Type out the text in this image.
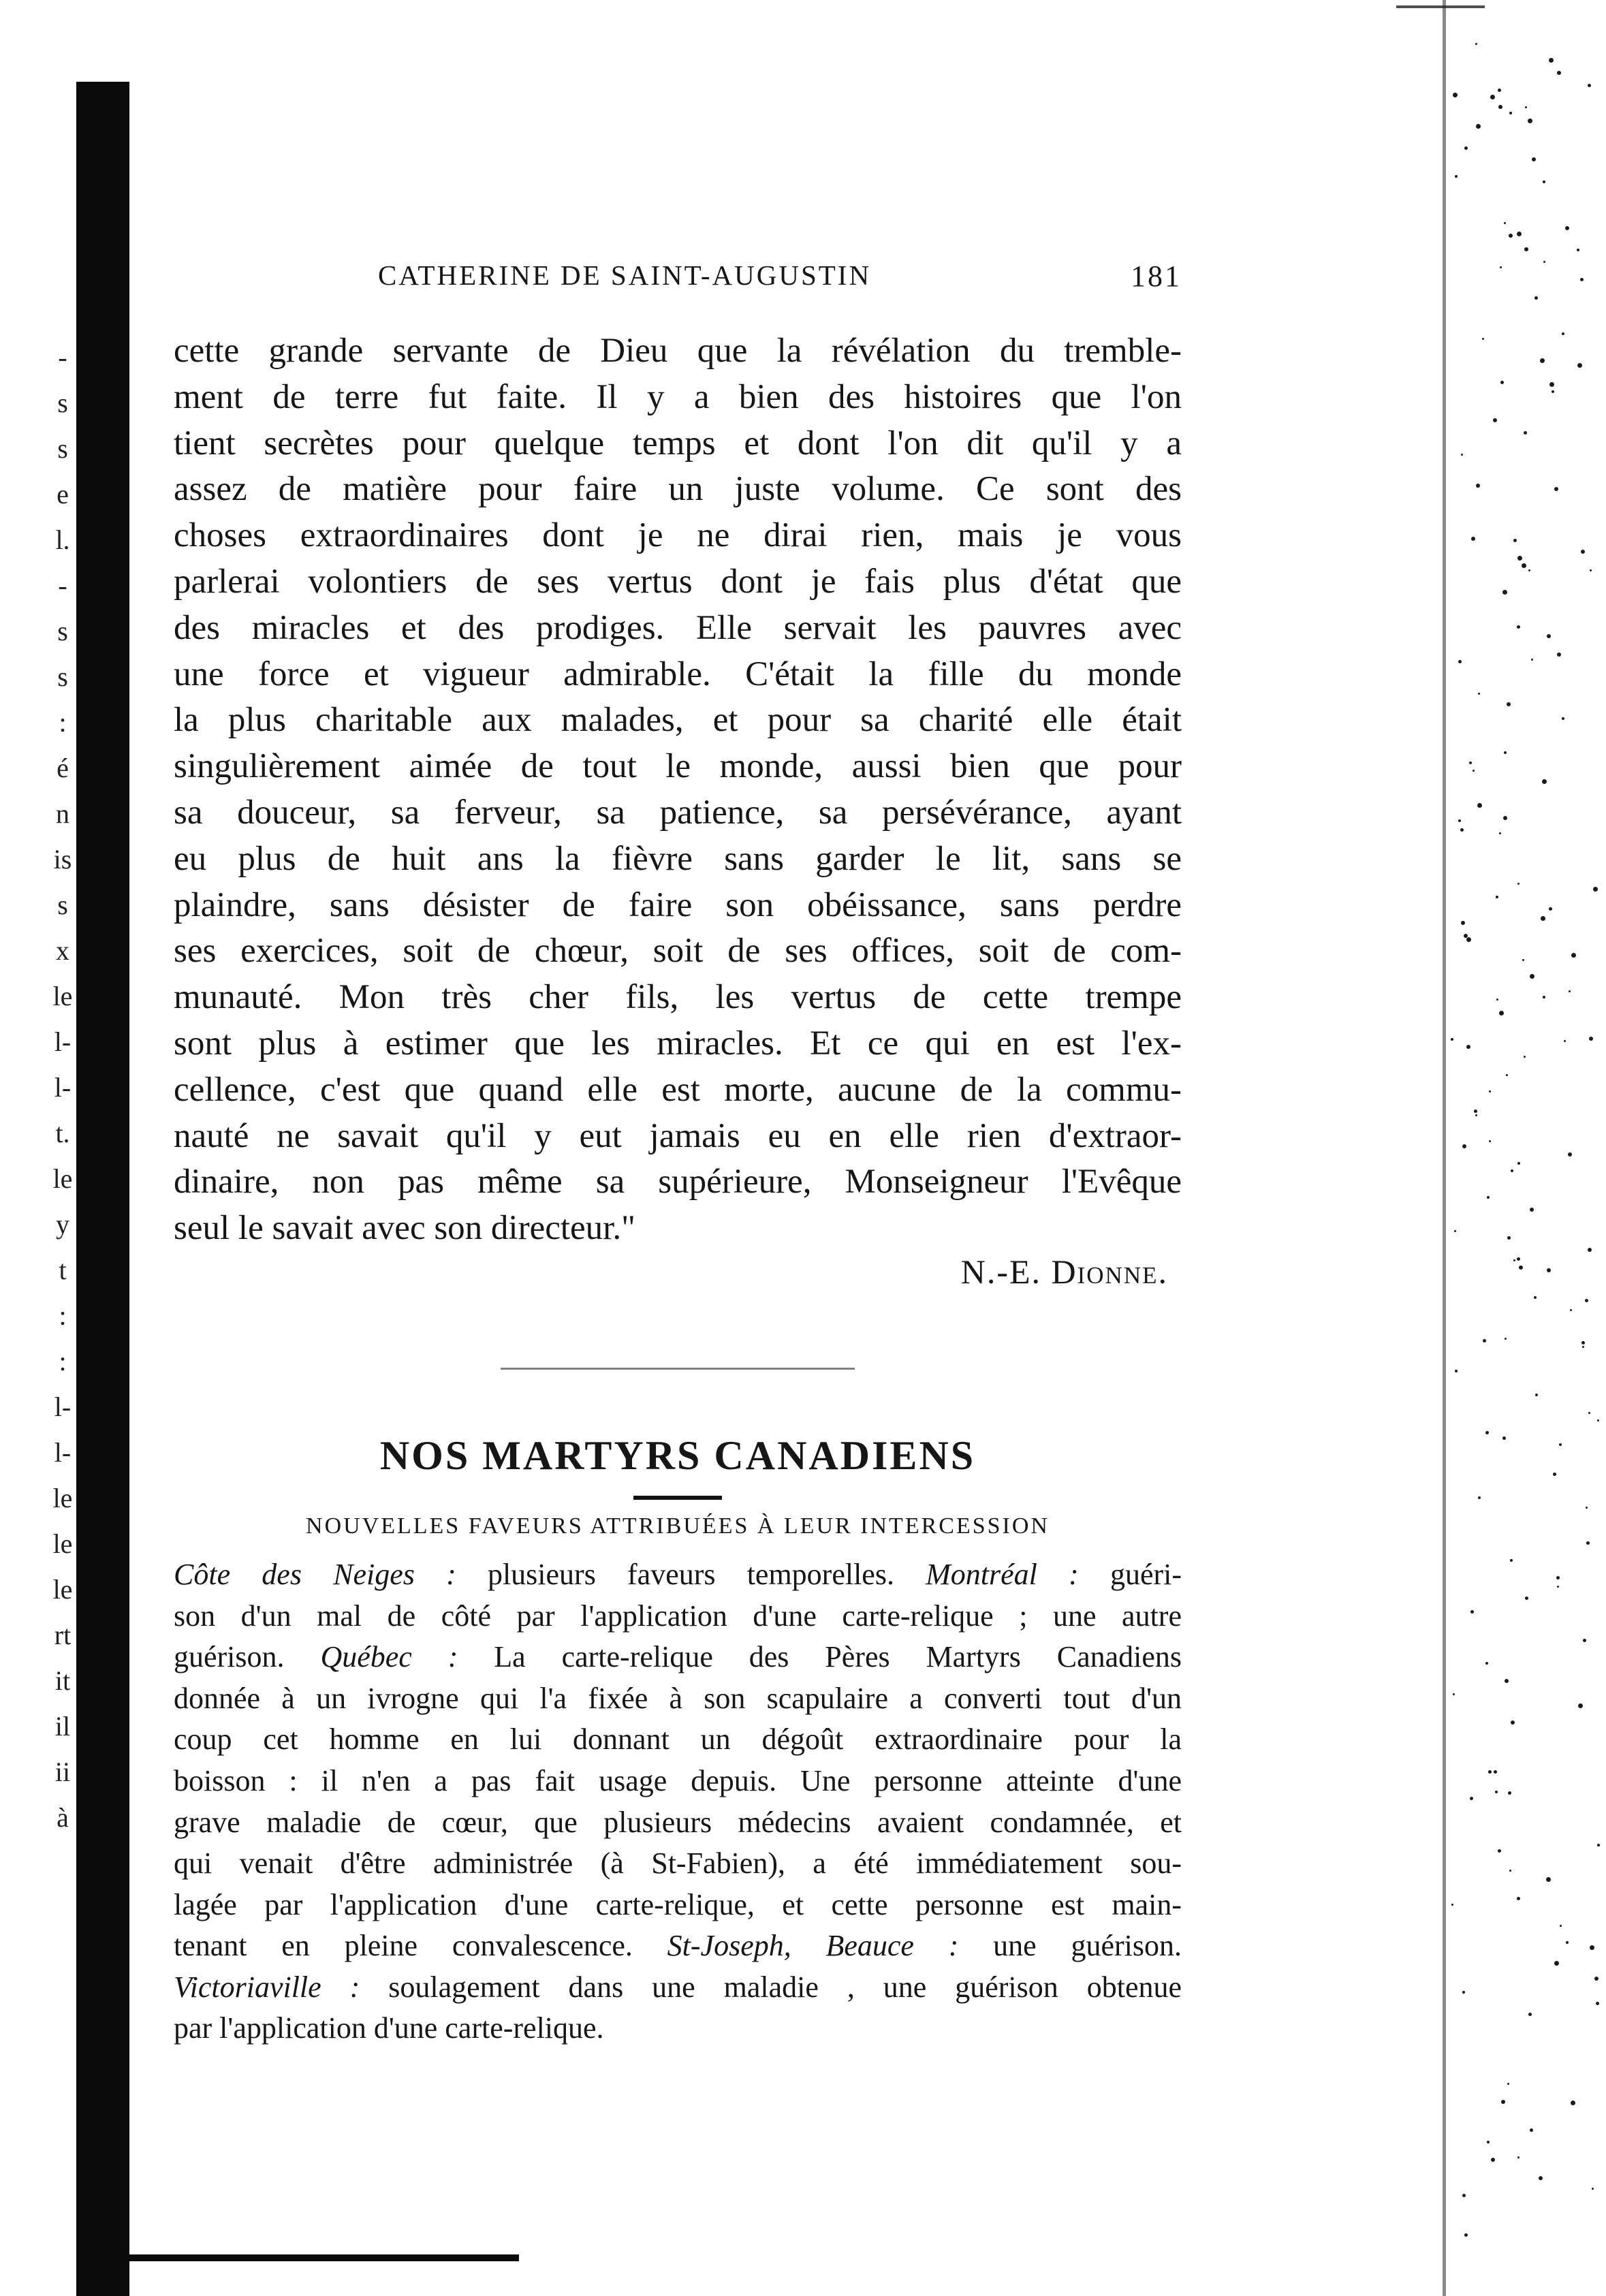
-
s
s
e
l.
-
s
s
:
é
n
is
s
x
le
l-
l-
t.
le
y
t
:
:
l-
l-
le
le
le
rt
it
il
ii
à
CATHERINE DE SAINT-AUGUSTIN	181
cette grande servante de Dieu que la révélation du tremble-
ment de terre fut faite. Il y a bien des histoires que l'on
tient secrètes pour quelque temps et dont l'on dit qu'il y a
assez de matière pour faire un juste volume. Ce sont des
choses extraordinaires dont je ne dirai rien, mais je vous
parlerai volontiers de ses vertus dont je fais plus d'état que
des miracles et des prodiges. Elle servait les pauvres avec
une force et vigueur admirable. C'était la fille du monde
la plus charitable aux malades, et pour sa charité elle était
singulièrement aimée de tout le monde, aussi bien que pour
sa douceur, sa ferveur, sa patience, sa persévérance, ayant
eu plus de huit ans la fièvre sans garder le lit, sans se
plaindre, sans désister de faire son obéissance, sans perdre
ses exercices, soit de chœur, soit de ses offices, soit de com-
munauté. Mon très cher fils, les vertus de cette trempe
sont plus à estimer que les miracles. Et ce qui en est l'ex-
cellence, c'est que quand elle est morte, aucune de la commu-
nauté ne savait qu'il y eut jamais eu en elle rien d'extraor-
dinaire, non pas même sa supérieure, Monseigneur l'Evêque
seul le savait avec son directeur."
N.-E. Dionne.
NOS MARTYRS CANADIENS
NOUVELLES FAVEURS ATTRIBUÉES À LEUR INTERCESSION
Côte des Neiges : plusieurs faveurs temporelles. Montréal : guéri-
son d'un mal de côté par l'application d'une carte-relique ; une autre
guérison. Québec : La carte-relique des Pères Martyrs Canadiens
donnée à un ivrogne qui l'a fixée à son scapulaire a converti tout d'un
coup cet homme en lui donnant un dégoût extraordinaire pour la
boisson : il n'en a pas fait usage depuis. Une personne atteinte d'une
grave maladie de cœur, que plusieurs médecins avaient condamnée, et
qui venait d'être administrée (à St-Fabien), a été immédiatement sou-
lagée par l'application d'une carte-relique, et cette personne est main-
tenant en pleine convalescence. St-Joseph, Beauce : une guérison.
Victoriaville : soulagement dans une maladie , une guérison obtenue
par l'application d'une carte-relique.
